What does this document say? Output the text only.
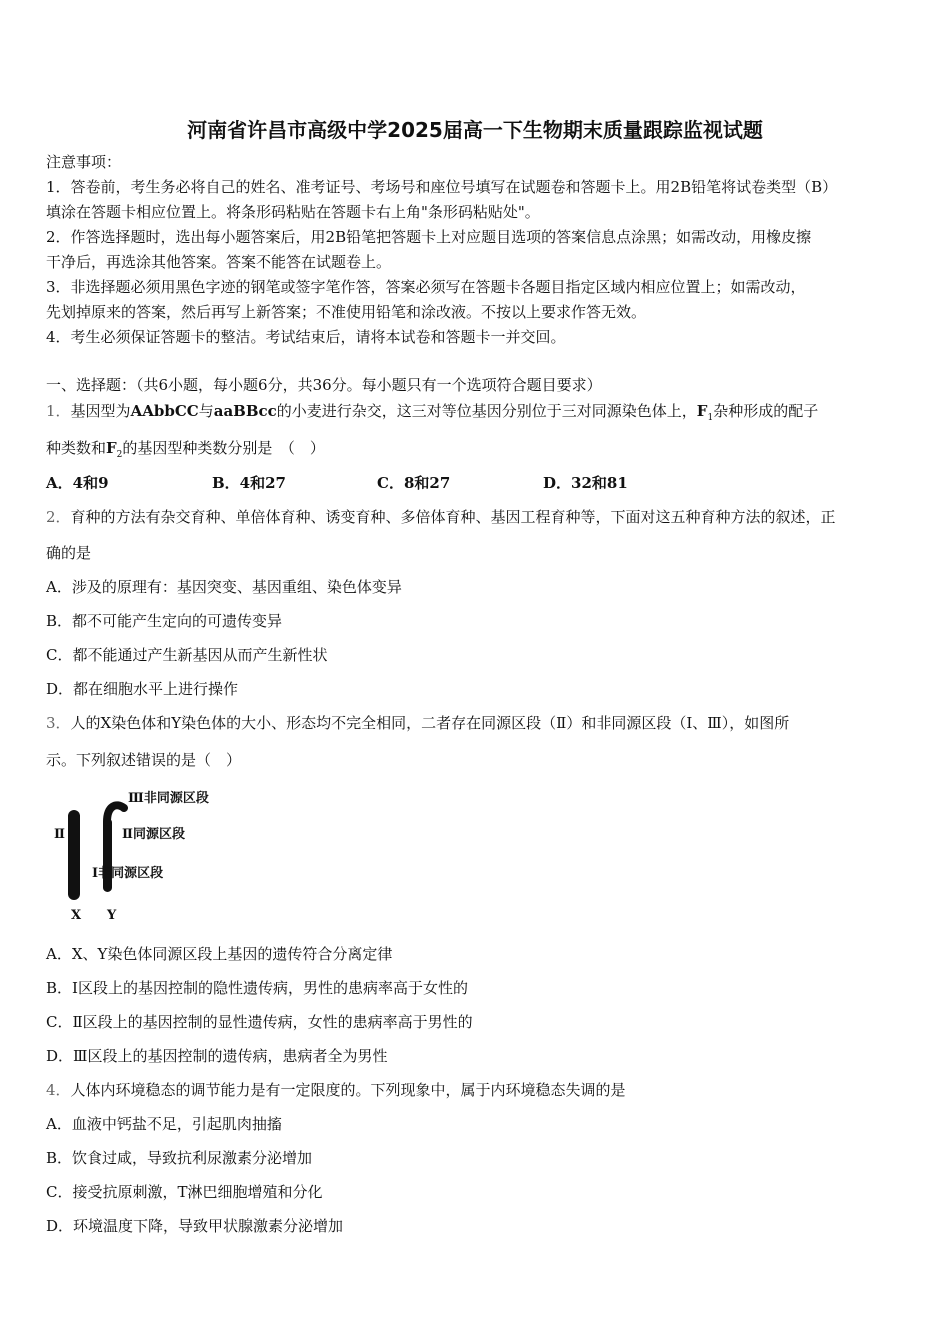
河南省许昌市高级中学2025届高一下生物期末质量跟踪监视试题
注意事项：
1．答卷前，考生务必将自己的姓名、准考证号、考场号和座位号填写在试题卷和答题卡上。用2B铅笔将试卷类型（B）
填涂在答题卡相应位置上。将条形码粘贴在答题卡右上角"条形码粘贴处"。
2．作答选择题时，选出每小题答案后，用2B铅笔把答题卡上对应题目选项的答案信息点涂黑；如需改动，用橡皮擦
干净后，再选涂其他答案。答案不能答在试题卷上。
3．非选择题必须用黑色字迹的钢笔或签字笔作答，答案必须写在答题卡各题目指定区域内相应位置上；如需改动，
先划掉原来的答案，然后再写上新答案；不准使用铅笔和涂改液。不按以上要求作答无效。
4．考生必须保证答题卡的整洁。考试结束后，请将本试卷和答题卡一并交回。
一、选择题：（共6小题，每小题6分，共36分。每小题只有一个选项符合题目要求）
1．基因型为AAbbCC与aaBBcc的小麦进行杂交，这三对等位基因分别位于三对同源染色体上，$F_1$杂种形成的配子
种类数和$F_2$的基因型种类数分别是　（　）
A．4和9	B．4和27	C．8和27	D．32和81
2．育种的方法有杂交育种、单倍体育种、诱变育种、多倍体育种、基因工程育种等，下面对这五种育种方法的叙述，正
确的是
A．涉及的原理有：基因突变、基因重组、染色体变异
B．都不可能产生定向的可遗传变异
C．都不能通过产生新基因从而产生新性状
D．都在细胞水平上进行操作
3．人的X染色体和Y染色体的大小、形态均不完全相同，二者存在同源区段（Ⅱ）和非同源区段（Ⅰ、Ⅲ），如图所
示。下列叙述错误的是（　）
Ⅱ
Ⅲ非同源区段
Ⅱ同源区段
Ⅰ非同源区段
X Y
A．X、Y染色体同源区段上基因的遗传符合分离定律
B．Ⅰ区段上的基因控制的隐性遗传病，男性的患病率高于女性的
C．Ⅱ区段上的基因控制的显性遗传病，女性的患病率高于男性的
D．Ⅲ区段上的基因控制的遗传病，患病者全为男性
4．人体内环境稳态的调节能力是有一定限度的。下列现象中，属于内环境稳态失调的是
A．血液中钙盐不足，引起肌肉抽搐
B．饮食过咸，导致抗利尿激素分泌增加
C．接受抗原刺激，T淋巴细胞增殖和分化
D．环境温度下降，导致甲状腺激素分泌增加
